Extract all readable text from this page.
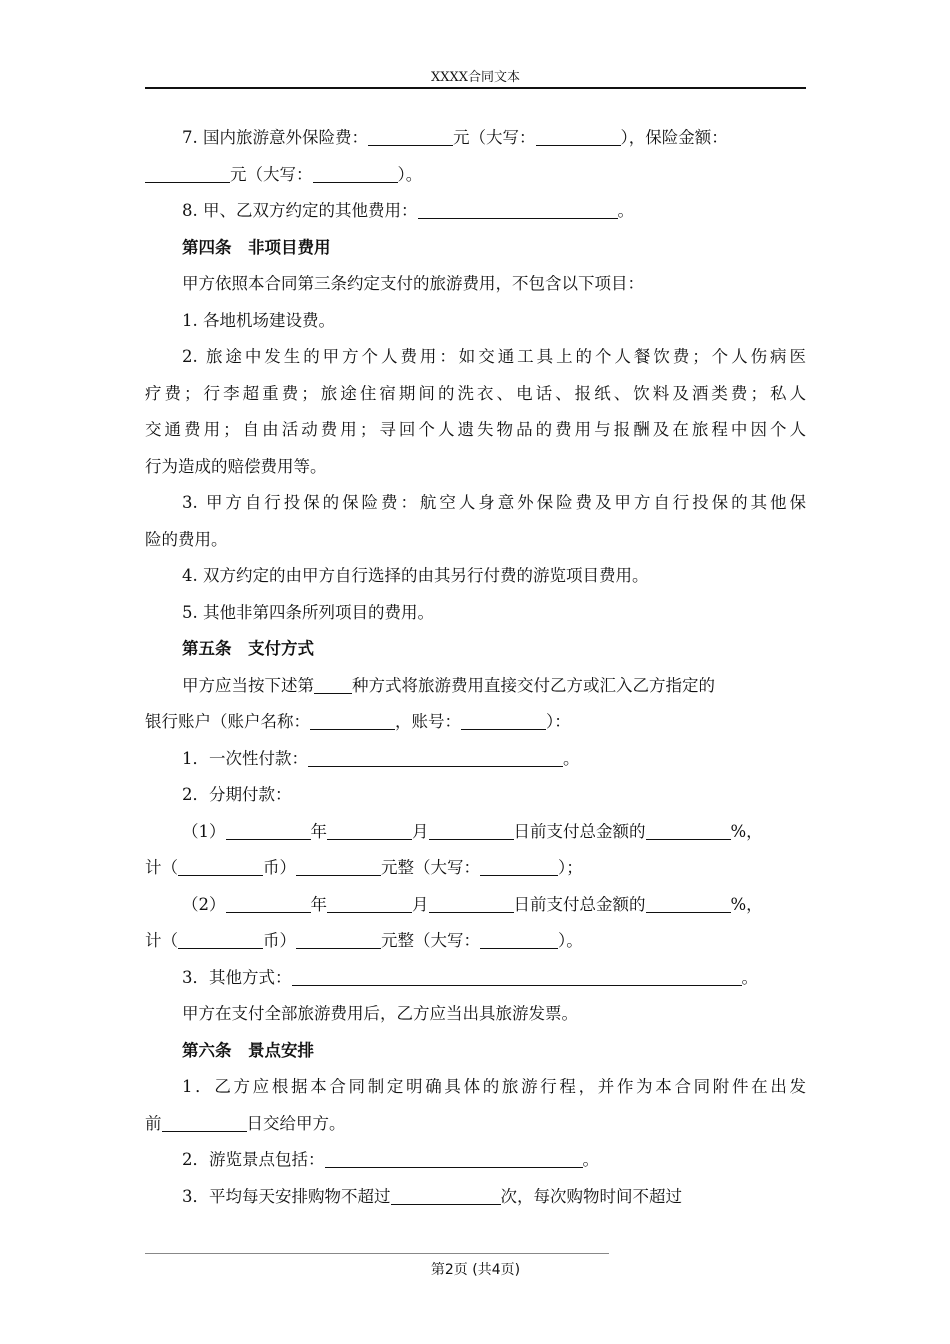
XXXX合同文本
7. 国内旅游意外保险费：	元（大写：	），保险金额：
元（大写：	）。
8. 甲、乙双方约定的其他费用：	。
第四条　非项目费用
甲方依照本合同第三条约定支付的旅游费用，不包含以下项目：
1. 各地机场建设费。
2. 旅途中发生的甲方个人费用：如交通工具上的个人餐饮费；个人伤病医
疗费；行李超重费；旅途住宿期间的洗衣、电话、报纸、饮料及酒类费；私人
交通费用；自由活动费用；寻回个人遗失物品的费用与报酬及在旅程中因个人
行为造成的赔偿费用等。
3. 甲方自行投保的保险费：航空人身意外保险费及甲方自行投保的其他保
险的费用。
4. 双方约定的由甲方自行选择的由其另行付费的游览项目费用。
5. 其他非第四条所列项目的费用。
第五条　支付方式
甲方应当按下述第 种方式将旅游费用直接交付乙方或汇入乙方指定的
银行账户（账户名称：	，账号：	）：
1．一次性付款：	。
2．分期付款：
（1）	年	月	日前支付总金额的	%，
计（	币）	元整（大写：	）；
（2）	年	月	日前支付总金额的	%，
计（	币）	元整（大写：	）。
3．其他方式：	。
甲方在支付全部旅游费用后，乙方应当出具旅游发票。
第六条　景点安排
1．乙方应根据本合同制定明确具体的旅游行程，并作为本合同附件在出发
前	日交给甲方。
2．游览景点包括：	。
3．平均每天安排购物不超过	次，每次购物时间不超过
第2页 (共4页)
